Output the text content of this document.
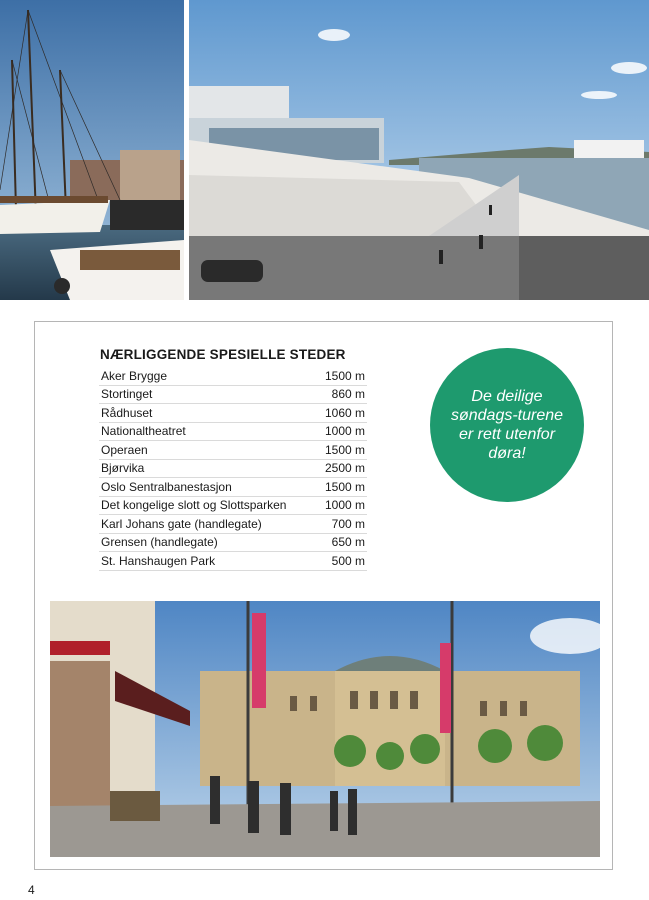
NÆRLIGGENDE SPESIELLE STEDER
Aker Brygge	1500 m
Stortinget	860 m
Rådhuset	1060 m
Nationaltheatret	1000 m
Operaen	1500 m
Bjørvika	2500 m
Oslo Sentralbanestasjon	1500 m
Det kongelige slott og Slottsparken	1000 m
Karl Johans gate (handlegate)	700 m
Grensen (handlegate)	650 m
St. Hanshaugen Park	500 m
De deilige søndags-turene er rett utenfor døra!
4
